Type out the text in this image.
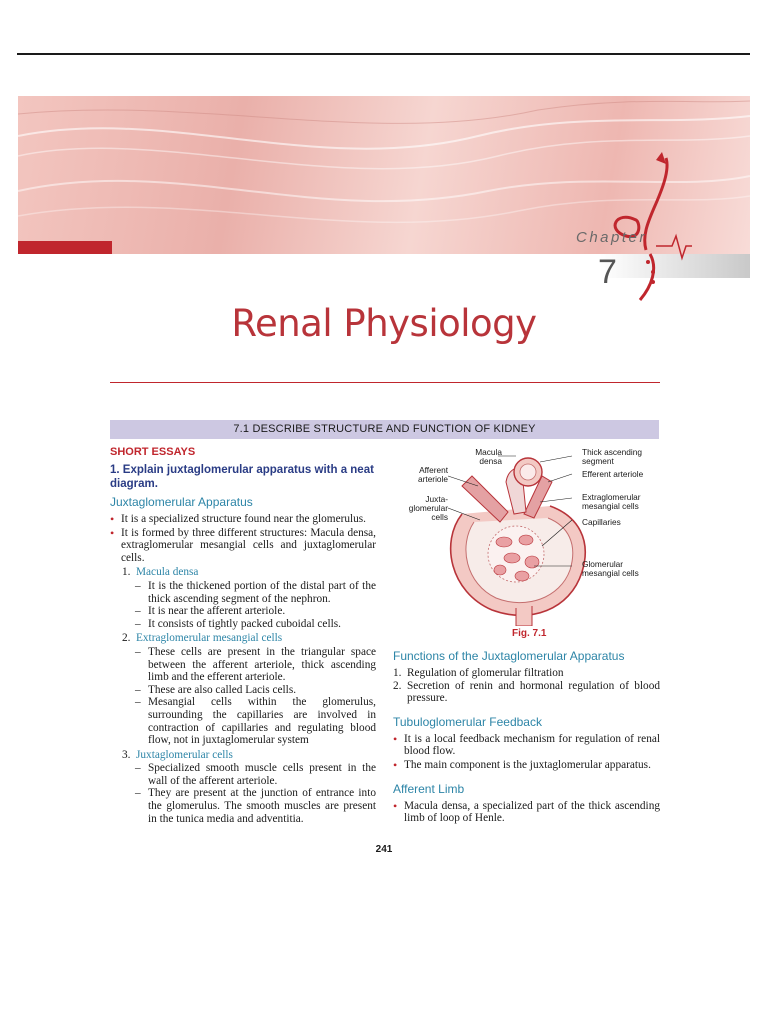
Chapter
7
Renal Physiology
7.1 DESCRIBE STRUCTURE AND FUNCTION OF KIDNEY
SHORT ESSAYS
1. Explain juxtaglomerular apparatus with a neat diagram.
Juxtaglomerular Apparatus

• It is a specialized structure found near the glomerulus.

• It is formed by three different structures: Macula densa, extraglomerular mesangial cells and juxtaglomerular cells.

1. Macula densa

– It is the thickened portion of the distal part of the thick ascending segment of the nephron.

– It is near the afferent arteriole.

– It consists of tightly packed cuboidal cells.

2. Extraglomerular mesangial cells

– These cells are present in the triangular space between the afferent arteriole, thick ascending limb and the efferent arteriole.

– These are also called Lacis cells.

– Mesangial cells within the glomerulus, surrounding the capillaries are involved in contraction of capillaries and regulating blood flow, not in juxtaglomerular system

3. Juxtaglomerular cells

– Specialized smooth muscle cells present in the wall of the afferent arteriole.

– They are present at the junction of entrance into the glomerulus. The smooth muscles are present in the tunica media and adventitia.

Macula densa
Afferent arteriole
Juxta- glomerular cells
Thick ascending segment
Efferent arteriole
Extraglomerular mesangial cells
Capillaries
Glomerular mesangial cells
Fig. 7.1
Functions of the Juxtaglomerular Apparatus

1. Regulation of glomerular filtration

2. Secretion of renin and hormonal regulation of blood pressure.

Tubuloglomerular Feedback

• It is a local feedback mechanism for regulation of renal blood flow.

• The main component is the juxtaglomerular apparatus.

Afferent Limb

• Macula densa, a specialized part of the thick ascending limb of loop of Henle.

241
